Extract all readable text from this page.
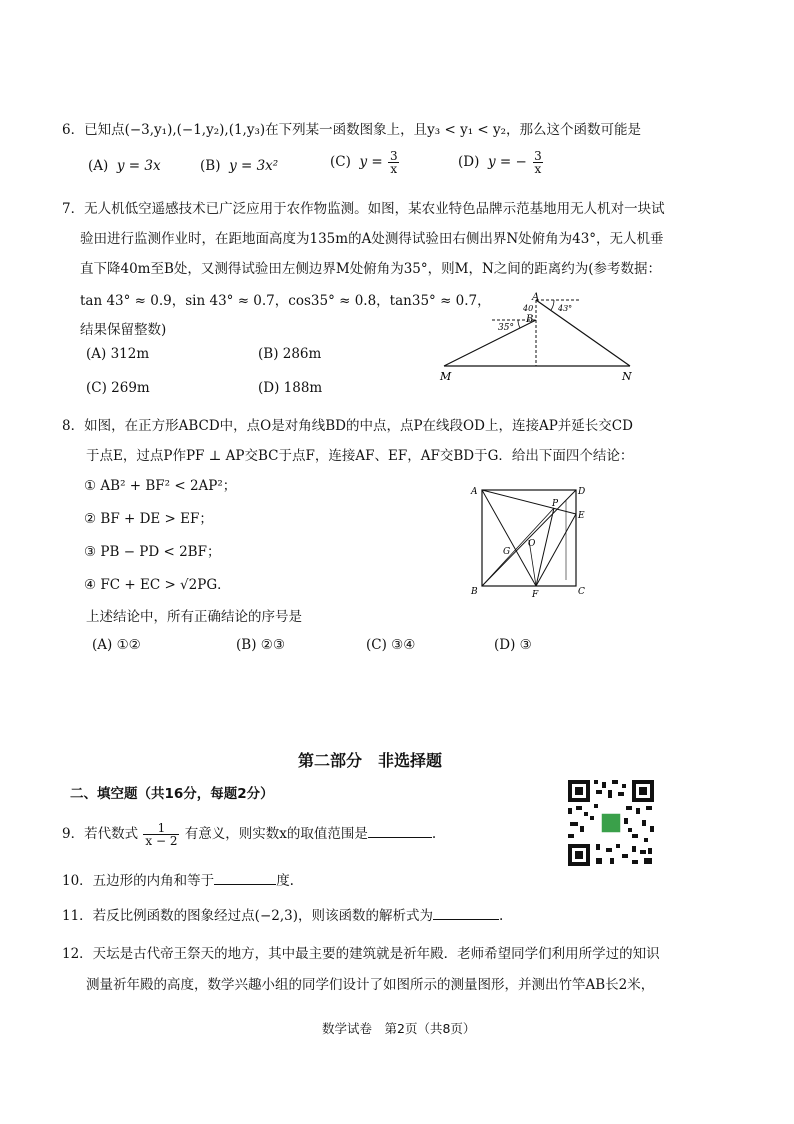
6．已知点(−3,y₁),(−1,y₂),(1,y₃)在下列某一函数图象上，且y₃ < y₁ < y₂，那么这个函数可能是
(A) y = 3x	(B) y = 3x²	(C) $y = \frac{3}{x}$	(D) y = − $\frac{3}{x}$
7．无人机低空遥感技术已广泛应用于农作物监测。如图，某农业特色品牌示范基地用无人机对一块试
验田进行监测作业时，在距地面高度为135m的A处测得试验田右侧出界N处俯角为43°，无人机垂
直下降40m至B处，又测得试验田左侧边界M处俯角为35°，则M，N之间的距离约为(参考数据：
tan 43° ≈ 0.9，sin 43° ≈ 0.7，cos35° ≈ 0.8，tan35° ≈ 0.7，
结果保留整数)
(A) 312m	(B) 286m
(C) 269m	(D) 188m
A
B
43°
35°
40
M	N
8．如图，在正方形ABCD中，点O是对角线BD的中点，点P在线段OD上，连接AP并延长交CD
于点E，过点P作PF ⊥ AP交BC于点F，连接AF、EF，AF交BD于G．给出下面四个结论：
① AB² + BF² < 2AP²；
② BF + DE > EF；
③ PB − PD < 2BF；
④ FC + EC > √2PG．
上述结论中，所有正确结论的序号是
(A) ①②	(B) ②③	(C) ③④	(D) ③
A	D
B	C
P
E
O
G
F
第二部分　非选择题
二、填空题（共16分，每题2分）
9．若代数式 $\frac{1}{x - 2}$ 有意义，则实数x的取值范围是	.
10．五边形的内角和等于	度.
11．若反比例函数的图象经过点(−2,3)，则该函数的解析式为	.
12．天坛是古代帝王祭天的地方，其中最主要的建筑就是祈年殿．老师希望同学们利用所学过的知识
测量祈年殿的高度，数学兴趣小组的同学们设计了如图所示的测量图形，并测出竹竿AB长2米，
数学试卷　第2页（共8页）
